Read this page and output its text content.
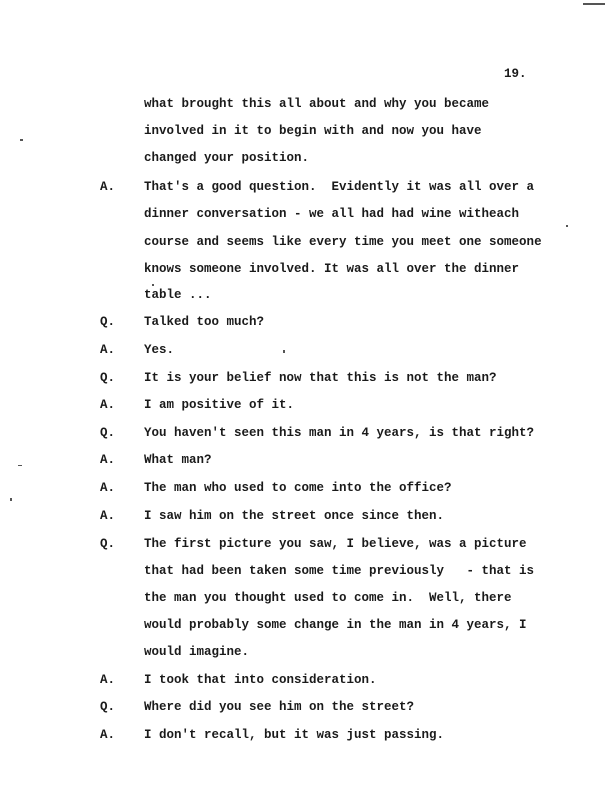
19.
what brought this all about and why you became
involved in it to begin with and now you have
changed your position.
A. That's a good question.  Evidently it was all over a
dinner conversation - we all had had wine witheach
course and seems like every time you meet one someone
knows someone involved. It was all over the dinner
table ...
Q. Talked too much?
A. Yes.
Q. It is your belief now that this is not the man?
A. I am positive of it.
Q. You haven't seen this man in 4 years, is that right?
A. What man?
A. The man who used to come into the office?
A. I saw him on the street once since then.
Q. The first picture you saw, I believe, was a picture
that had been taken some time previously   - that is
the man you thought used to come in.  Well, there
would probably some change in the man in 4 years, I
would imagine.
A. I took that into consideration.
Q. Where did you see him on the street?
A. I don't recall, but it was just passing.
